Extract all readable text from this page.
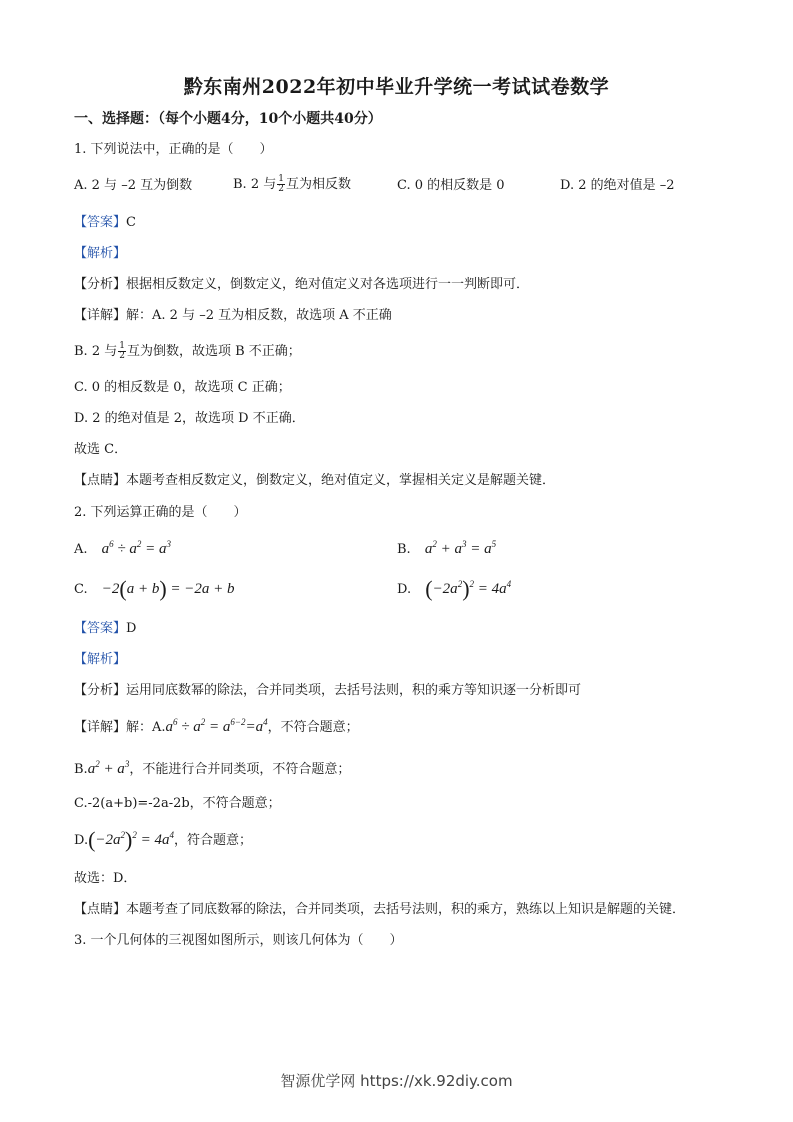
黔东南州2022年初中毕业升学统一考试试卷数学
一、选择题：（每个小题4分，10个小题共40分）
1. 下列说法中，正确的是（　　）
A. 2 与 –2 互为倒数	B. 2 与 $\frac{1}{2}$ 互为相反数	C. 0 的相反数是 0	D. 2 的绝对值是 –2
【答案】C
【解析】
【分析】根据相反数定义，倒数定义，绝对值定义对各选项进行一一判断即可．
【详解】解：A. 2 与 –2 互为相反数，故选项 A 不正确
B. 2 与 $\frac{1}{2}$ 互为倒数，故选项 B 不正确；
C. 0 的相反数是 0，故选项 C 正确；
D. 2 的绝对值是 2，故选项 D 不正确．
故选 C．
【点睛】本题考查相反数定义，倒数定义，绝对值定义，掌握相关定义是解题关键．
2. 下列运算正确的是（　　）
A. $a^6 \div a^2 = a^3$	B. $a^2 + a^3 = a^5$
C. −2(a + b) = −2a + b	D. $(-2a^2)^2 = 4a^4$
【答案】D
【解析】
【分析】运用同底数幂的除法，合并同类项，去括号法则，积的乘方等知识逐一分析即可
【详解】解：$A.a^6 \div a^2 = a^{6-2}=a^4$，不符合题意；
$B.a^2 + a^3$，不能进行合并同类项，不符合题意；
C.-2(a+b)=-2a-2b，不符合题意；
$D.(-2a^2)^2 = 4a^4$，符合题意；
故选：D．
【点睛】本题考查了同底数幂的除法，合并同类项，去括号法则，积的乘方，熟练以上知识是解题的关键．
3. 一个几何体的三视图如图所示，则该几何体为（　　）
智源优学网 https://xk.92diy.com
